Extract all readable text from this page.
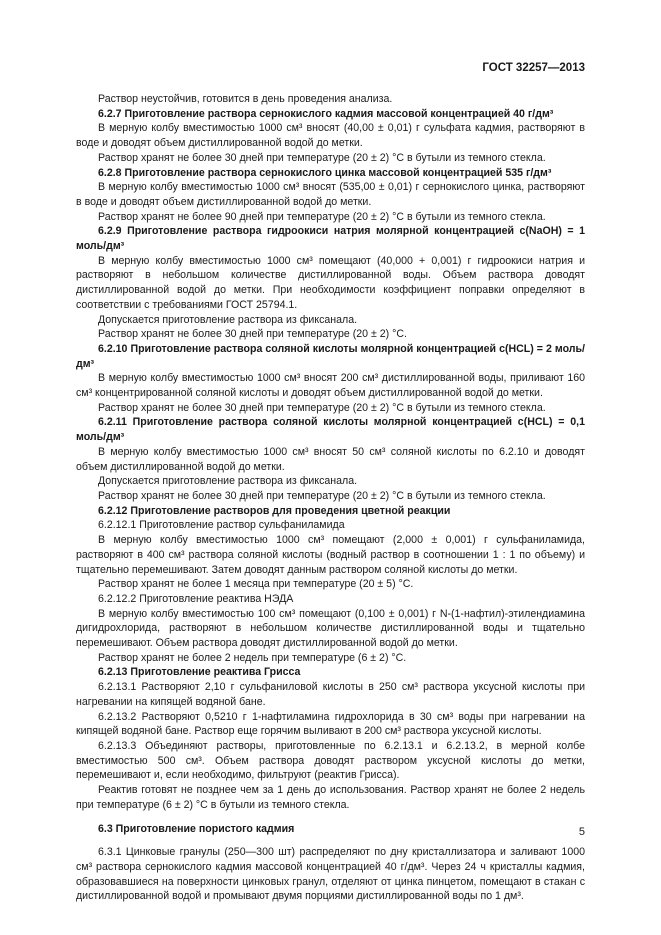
ГОСТ 32257—2013

Раствор неустойчив, готовится в день проведения анализа.

6.2.7 Приготовление раствора сернокислого кадмия массовой концентрацией 40 г/дм³

В мерную колбу вместимостью 1000 см³ вносят (40,00 ± 0,01) г сульфата кадмия, растворяют в воде и доводят объем дистиллированной водой до метки.

Раствор хранят не более 30 дней при температуре (20 ± 2) °С в бутыли из темного стекла.

6.2.8 Приготовление раствора сернокислого цинка массовой концентрацией 535 г/дм³

В мерную колбу вместимостью 1000 см³ вносят (535,00 ± 0,01) г сернокислого цинка, растворяют в воде и доводят объем дистиллированной водой до метки.

Раствор хранят не более 90 дней при температуре (20 ± 2) °С в бутыли из темного стекла.

6.2.9 Приготовление раствора гидроокиси натрия молярной концентрацией c(NaOH) = 1 моль/дм³

В мерную колбу вместимостью 1000 см³ помещают (40,000 + 0,001) г гидроокиси натрия и растворяют в небольшом количестве дистиллированной воды. Объем раствора доводят дистиллированной водой до метки. При необходимости коэффициент поправки определяют в соответствии с требованиями ГОСТ 25794.1.

Допускается приготовление раствора из фиксанала.

Раствор хранят не более 30 дней при температуре (20 ± 2) °С.

6.2.10 Приготовление раствора соляной кислоты молярной концентрацией c(HCL) = 2 моль/дм³

В мерную колбу вместимостью 1000 см³ вносят 200 см³ дистиллированной воды, приливают 160 см³ концентрированной соляной кислоты и доводят объем дистиллированной водой до метки.

Раствор хранят не более 30 дней при температуре (20 ± 2) °С в бутыли из темного стекла.

6.2.11 Приготовление раствора соляной кислоты молярной концентрацией c(HCL) = 0,1 моль/дм³

В мерную колбу вместимостью 1000 см³ вносят 50 см³ соляной кислоты по 6.2.10 и доводят объем дистиллированной водой до метки.

Допускается приготовление раствора из фиксанала.

Раствор хранят не более 30 дней при температуре (20 ± 2) °С в бутыли из темного стекла.

6.2.12 Приготовление растворов для проведения цветной реакции

6.2.12.1 Приготовление раствор сульфаниламида

В мерную колбу вместимостью 1000 см³ помещают (2,000 ± 0,001) г сульфаниламида, растворяют в 400 см³ раствора соляной кислоты (водный раствор в соотношении 1 : 1 по объему) и тщательно перемешивают. Затем доводят данным раствором соляной кислоты до метки.

Раствор хранят не более 1 месяца при температуре (20 ± 5) °С.

6.2.12.2 Приготовление реактива НЭДА

В мерную колбу вместимостью 100 см³ помещают (0,100 ± 0,001) г N-(1-нафтил)-этилендиамина дигидрохлорида, растворяют в небольшом количестве дистиллированной воды и тщательно перемешивают. Объем раствора доводят дистиллированной водой до метки.

Раствор хранят не более 2 недель при температуре (6 ± 2) °С.

6.2.13 Приготовление реактива Грисса

6.2.13.1 Растворяют 2,10 г сульфаниловой кислоты в 250 см³ раствора уксусной кислоты при нагревании на кипящей водяной бане.

6.2.13.2 Растворяют 0,5210 г 1-нафтиламина гидрохлорида в 30 см³ воды при нагревании на кипящей водяной бане. Раствор еще горячим выливают в 200 см³ раствора уксусной кислоты.

6.2.13.3 Объединяют растворы, приготовленные по 6.2.13.1 и 6.2.13.2, в мерной колбе вместимостью 500 см³. Объем раствора доводят раствором уксусной кислоты до метки, перемешивают и, если необходимо, фильтруют (реактив Грисса).

Реактив готовят не позднее чем за 1 день до использования. Раствор хранят не более 2 недель при температуре (6 ± 2) °С в бутыли из темного стекла.

6.3 Приготовление пористого кадмия

6.3.1 Цинковые гранулы (250—300 шт) распределяют по дну кристаллизатора и заливают 1000 см³ раствора сернокислого кадмия массовой концентрацией 40 г/дм³. Через 24 ч кристаллы кадмия, образовавшиеся на поверхности цинковых гранул, отделяют от цинка пинцетом, помещают в стакан с дистиллированной водой и промывают двумя порциями дистиллированной воды по 1 дм³.

5
